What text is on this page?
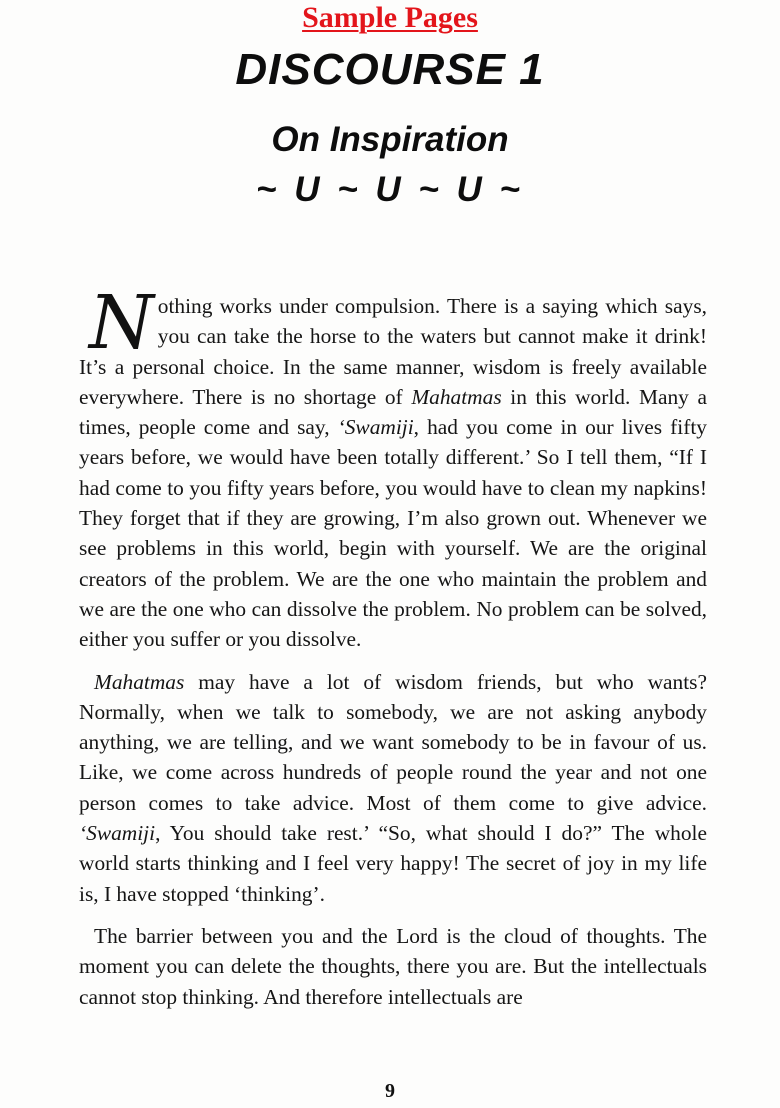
Sample Pages
DISCOURSE 1
On Inspiration
~ U ~ U ~ U ~

Nothing works under compulsion. There is a saying which says, you can take the horse to the waters but cannot make it drink! It’s a personal choice. In the same manner, wisdom is freely available everywhere. There is no shortage of Mahatmas in this world. Many a times, people come and say, ‘Swamiji, had you come in our lives fifty years before, we would have been totally different.’ So I tell them, “If I had come to you fifty years before, you would have to clean my napkins! They forget that if they are growing, I’m also grown out. Whenever we see problems in this world, begin with yourself. We are the original creators of the problem. We are the one who maintain the problem and we are the one who can dissolve the problem. No problem can be solved, either you suffer or you dissolve.

Mahatmas may have a lot of wisdom friends, but who wants? Normally, when we talk to somebody, we are not asking anybody anything, we are telling, and we want somebody to be in favour of us. Like, we come across hundreds of people round the year and not one person comes to take advice. Most of them come to give advice. ‘Swamiji, You should take rest.’ “So, what should I do?” The whole world starts thinking and I feel very happy! The secret of joy in my life is, I have stopped ‘thinking’.

The barrier between you and the Lord is the cloud of thoughts. The moment you can delete the thoughts, there you are. But the intellectuals cannot stop thinking. And therefore intellectuals are

9
